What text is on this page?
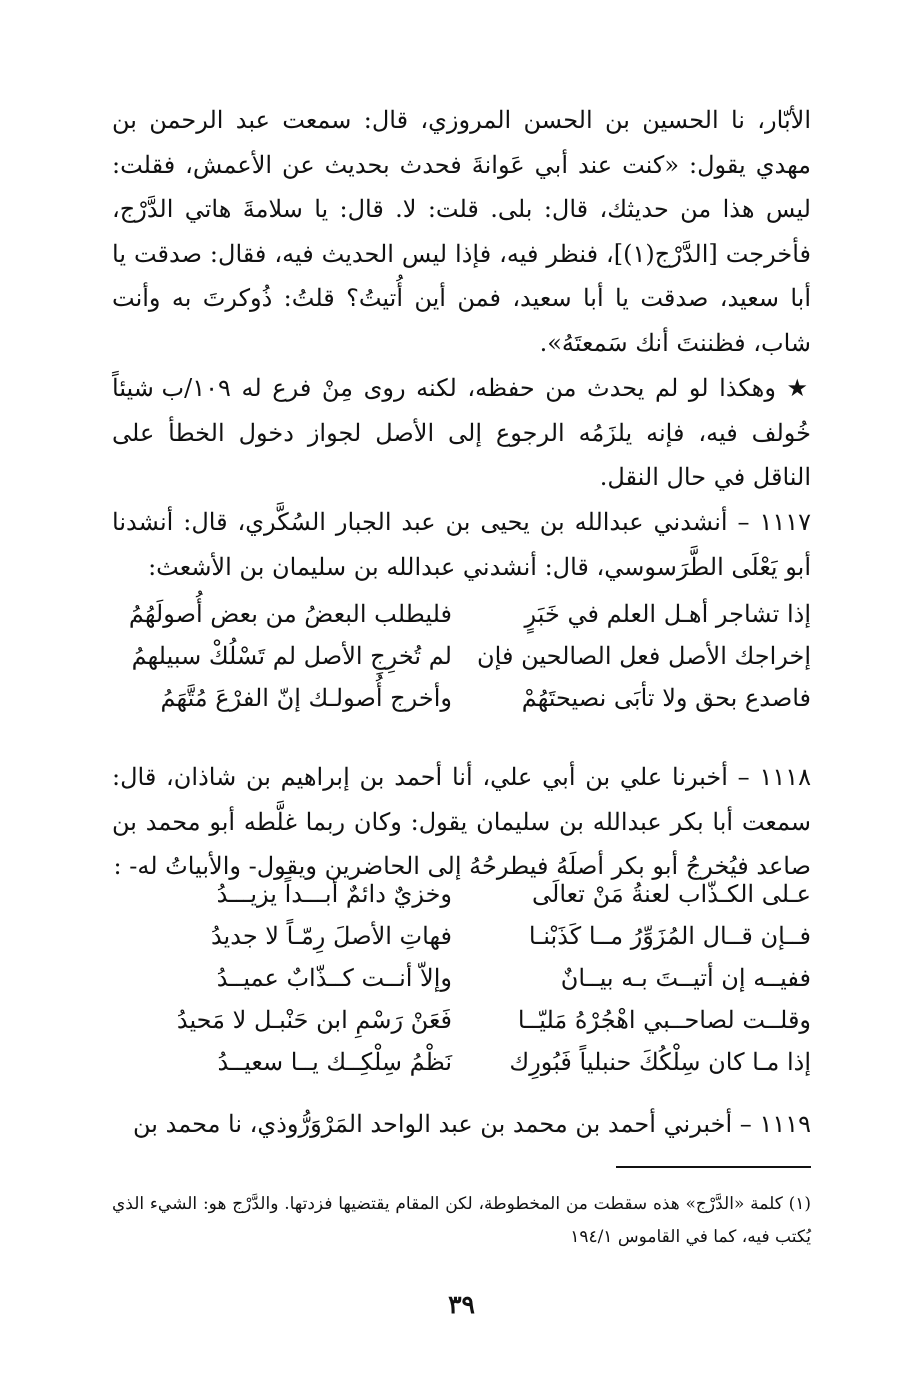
الأبّار، نا الحسين بن الحسن المروزي، قال: سمعت عبد الرحمن بن مهدي يقول: «كنت عند أبي عَوانةَ فحدث بحديث عن الأعمش، فقلت: ليس هذا من حديثك، قال: بلى. قلت: لا. قال: يا سلامةَ هاتي الدَّرْج، فأخرجت [الدَّرْج(١)]، فنظر فيه، فإذا ليس الحديث فيه، فقال: صدقت يا أبا سعيد، صدقت يا أبا سعيد، فمن أين أُتيتُ؟ قلتُ: ذُوكرتَ به وأنت شاب، فظننتَ أنك سَمعتَهُ».

★ وهكذا لو لم يحدث من حفظه، لكنه روى مِنْ فرع له ١٠٩/ب شيئاً خُولف فيه، فإنه يلزَمُه الرجوع إلى الأصل لجواز دخول الخطأ على الناقل في حال النقل.

١١١٧ – أنشدني عبدالله بن يحيى بن عبد الجبار السُكَّري، قال: أنشدنا أبو يَعْلَى الطَّرَسوسي، قال: أنشدني عبدالله بن سليمان بن الأشعث:

١١١٨ – أخبرنا علي بن أبي علي، أنا أحمد بن إبراهيم بن شاذان، قال: سمعت أبا بكر عبدالله بن سليمان يقول: وكان ربما غلَّطه أبو محمد بن صاعد فيُخرجُ أبو بكر أصلَهُ فيطرحُهُ إلى الحاضرين ويقول- والأبياتُ له- :

١١١٩ – أخبرني أحمد بن محمد بن عبد الواحد المَرْوَرُّوذي، نا محمد بن

إذا تشاجر أهـل العلم في خَبَرٍ
فليطلب البعضُ من بعض أُصولَهُمُ
إخراجك الأصل فعل الصالحين فإن
لم تُخرِجِ الأصل لم تَسْلُكْ سبيلهمُ
فاصدع بحق ولا تأبَى نصيحتَهُمْ
وأخرج أُصولـك إنّ الفرْعَ مُتَّهَمُ
عـلى الكـذّاب لعنةُ مَنْ تعالَى
وخزيٌ دائمٌ أبـــداً يزيـــدُ
فــإن قــال المُزَوِّرُ مــا كَذَبْنـا
فهاتِ الأصلَ رِمّـاً لا جديدُ
ففيــه إن أتيــتَ بـه بيــانٌ
وإلاّ أنــت كــذّابٌ عميــدُ
وقلــت لصاحــبي اهْجُرْهُ مَليّــا
فَعَنْ رَسْمِ ابن حَنْبـل لا مَحيدُ
إذا مـا كان سِلْكُكَ حنبلياً فَبُورِك
نَظْمُ سِلْكِــك يــا سعيــدُ
(١) كلمة «الدَّرْج» هذه سقطت من المخطوطة، لكن المقام يقتضيها فزدتها. والدَّرْج هو: الشيء الذي يُكتب فيه، كما في القاموس ١٩٤/١
٣٩
